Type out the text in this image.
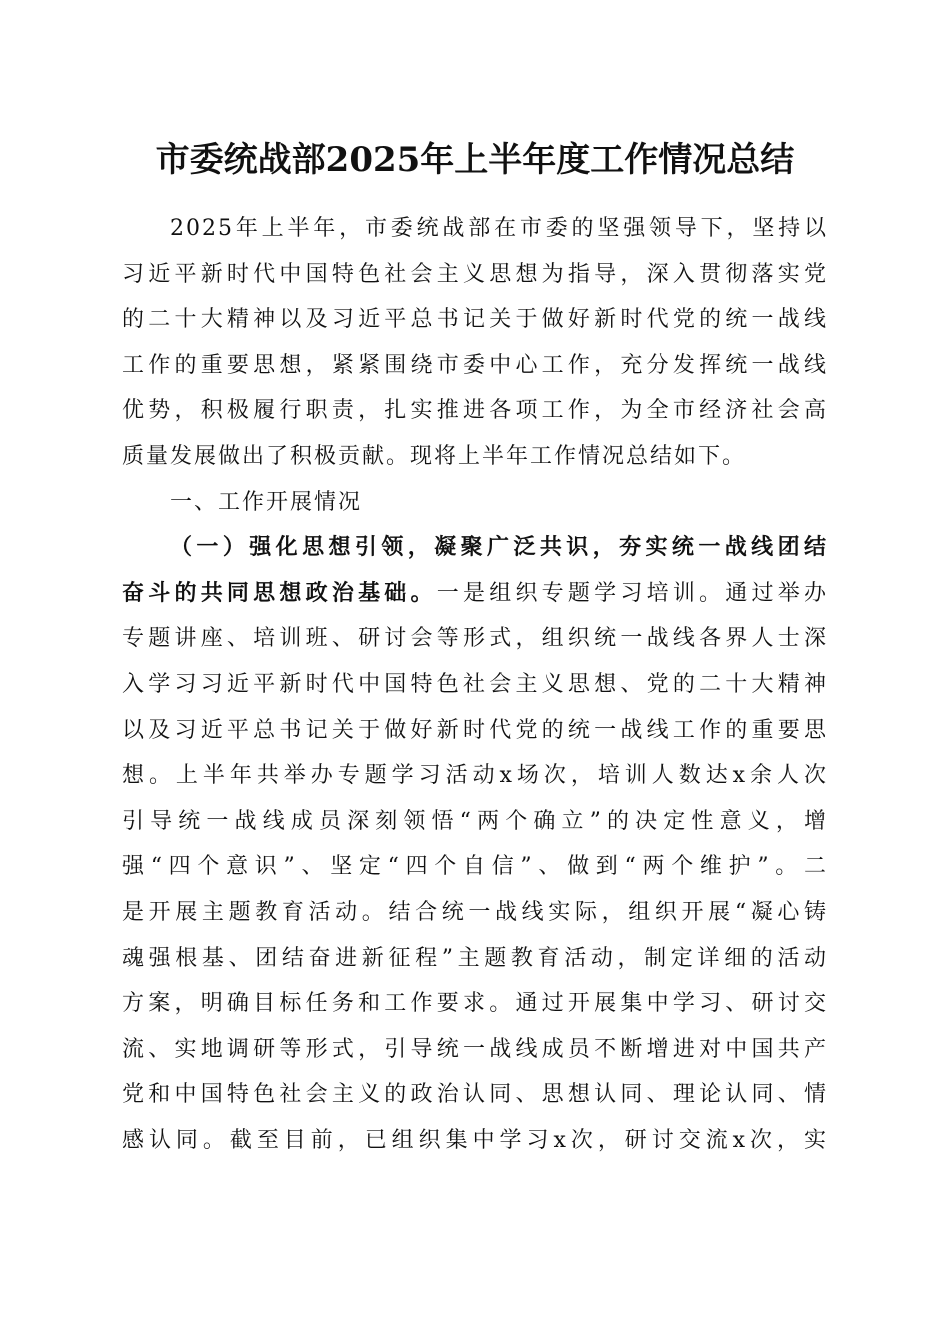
市委统战部2025年上半年度工作情况总结
2025年上半年，市委统战部在市委的坚强领导下，坚持以
习近平新时代中国特色社会主义思想为指导，深入贯彻落实党
的二十大精神以及习近平总书记关于做好新时代党的统一战线
工作的重要思想，紧紧围绕市委中心工作，充分发挥统一战线
优势，积极履行职责，扎实推进各项工作，为全市经济社会高
质量发展做出了积极贡献。现将上半年工作情况总结如下。
一、工作开展情况
（一）强化思想引领，凝聚广泛共识，夯实统一战线团结
奋斗的共同思想政治基础。一是组织专题学习培训。通过举办
专题讲座、培训班、研讨会等形式，组织统一战线各界人士深
入学习习近平新时代中国特色社会主义思想、党的二十大精神
以及习近平总书记关于做好新时代党的统一战线工作的重要思
想。上半年共举办专题学习活动x场次，培训人数达x余人次
引导统一战线成员深刻领悟“两个确立”的决定性意义，增
强“四个意识”、坚定“四个自信”、做到“两个维护”。二
是开展主题教育活动。结合统一战线实际，组织开展“凝心铸
魂强根基、团结奋进新征程”主题教育活动，制定详细的活动
方案，明确目标任务和工作要求。通过开展集中学习、研讨交
流、实地调研等形式，引导统一战线成员不断增进对中国共产
党和中国特色社会主义的政治认同、思想认同、理论认同、情
感认同。截至目前，已组织集中学习x次，研讨交流x次，实
